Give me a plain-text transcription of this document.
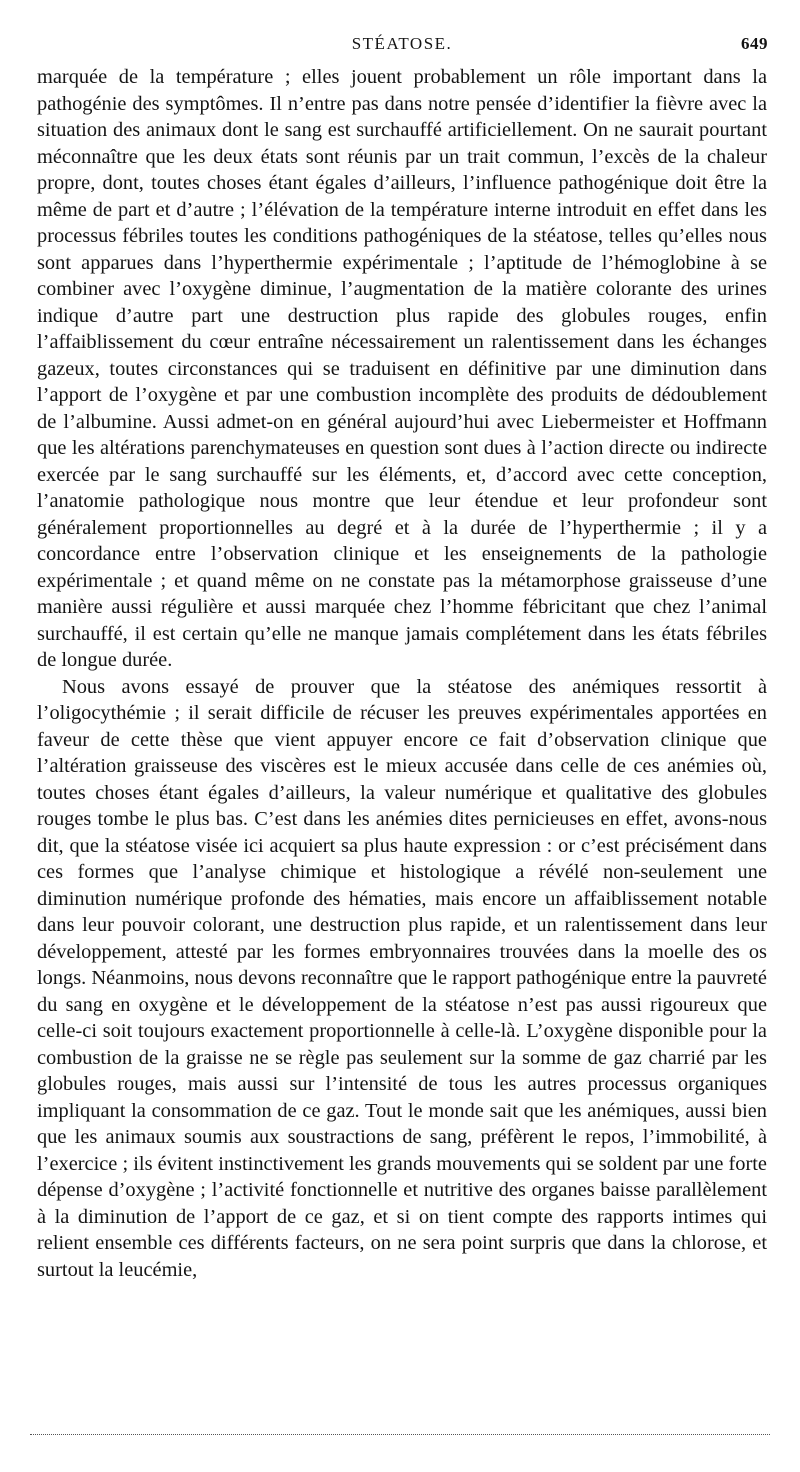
STÉATOSE.	649

marquée de la température ; elles jouent probablement un rôle important dans la pathogénie des symptômes. Il n’entre pas dans notre pensée d’identifier la fièvre avec la situation des animaux dont le sang est surchauffé artificiellement. On ne saurait pourtant méconnaître que les deux états sont réunis par un trait commun, l’excès de la chaleur propre, dont, toutes choses étant égales d’ailleurs, l’influence pathogénique doit être la même de part et d’autre ; l’élévation de la température interne introduit en effet dans les processus fébriles toutes les conditions pathogéniques de la stéatose, telles qu’elles nous sont apparues dans l’hyperthermie expérimentale ; l’aptitude de l’hémoglobine à se combiner avec l’oxygène diminue, l’augmentation de la matière colorante des urines indique d’autre part une destruction plus rapide des globules rouges, enfin l’affaiblissement du cœur entraîne nécessairement un ralentissement dans les échanges gazeux, toutes circonstances qui se traduisent en définitive par une diminution dans l’apport de l’oxygène et par une combustion incomplète des produits de dédoublement de l’albumine. Aussi admet-on en général aujourd’hui avec Liebermeister et Hoffmann que les altérations parenchymateuses en question sont dues à l’action directe ou indirecte exercée par le sang surchauffé sur les éléments, et, d’accord avec cette conception, l’anatomie pathologique nous montre que leur étendue et leur profondeur sont généralement proportionnelles au degré et à la durée de l’hyperthermie ; il y a concordance entre l’observation clinique et les enseignements de la pathologie expérimentale ; et quand même on ne constate pas la métamorphose graisseuse d’une manière aussi régulière et aussi marquée chez l’homme fébricitant que chez l’animal surchauffé, il est certain qu’elle ne manque jamais complétement dans les états fébriles de longue durée.

Nous avons essayé de prouver que la stéatose des anémiques ressortit à l’oligocythémie ; il serait difficile de récuser les preuves expérimentales apportées en faveur de cette thèse que vient appuyer encore ce fait d’observation clinique que l’altération graisseuse des viscères est le mieux accusée dans celle de ces anémies où, toutes choses étant égales d’ailleurs, la valeur numérique et qualitative des globules rouges tombe le plus bas. C’est dans les anémies dites pernicieuses en effet, avons-nous dit, que la stéatose visée ici acquiert sa plus haute expression : or c’est précisément dans ces formes que l’analyse chimique et histologique a révélé non-seulement une diminution numérique profonde des hématies, mais encore un affaiblissement notable dans leur pouvoir colorant, une destruction plus rapide, et un ralentissement dans leur développement, attesté par les formes embryonnaires trouvées dans la moelle des os longs. Néanmoins, nous devons reconnaître que le rapport pathogénique entre la pauvreté du sang en oxygène et le développement de la stéatose n’est pas aussi rigoureux que celle-ci soit toujours exactement proportionnelle à celle-là. L’oxygène disponible pour la combustion de la graisse ne se règle pas seulement sur la somme de gaz charrié par les globules rouges, mais aussi sur l’intensité de tous les autres processus organiques impliquant la consommation de ce gaz. Tout le monde sait que les anémiques, aussi bien que les animaux soumis aux soustractions de sang, préfèrent le repos, l’immobilité, à l’exercice ; ils évitent instinctivement les grands mouvements qui se soldent par une forte dépense d’oxygène ; l’activité fonctionnelle et nutritive des organes baisse parallèlement à la diminution de l’apport de ce gaz, et si on tient compte des rapports intimes qui relient ensemble ces différents facteurs, on ne sera point surpris que dans la chlorose, et surtout la leucémie,
